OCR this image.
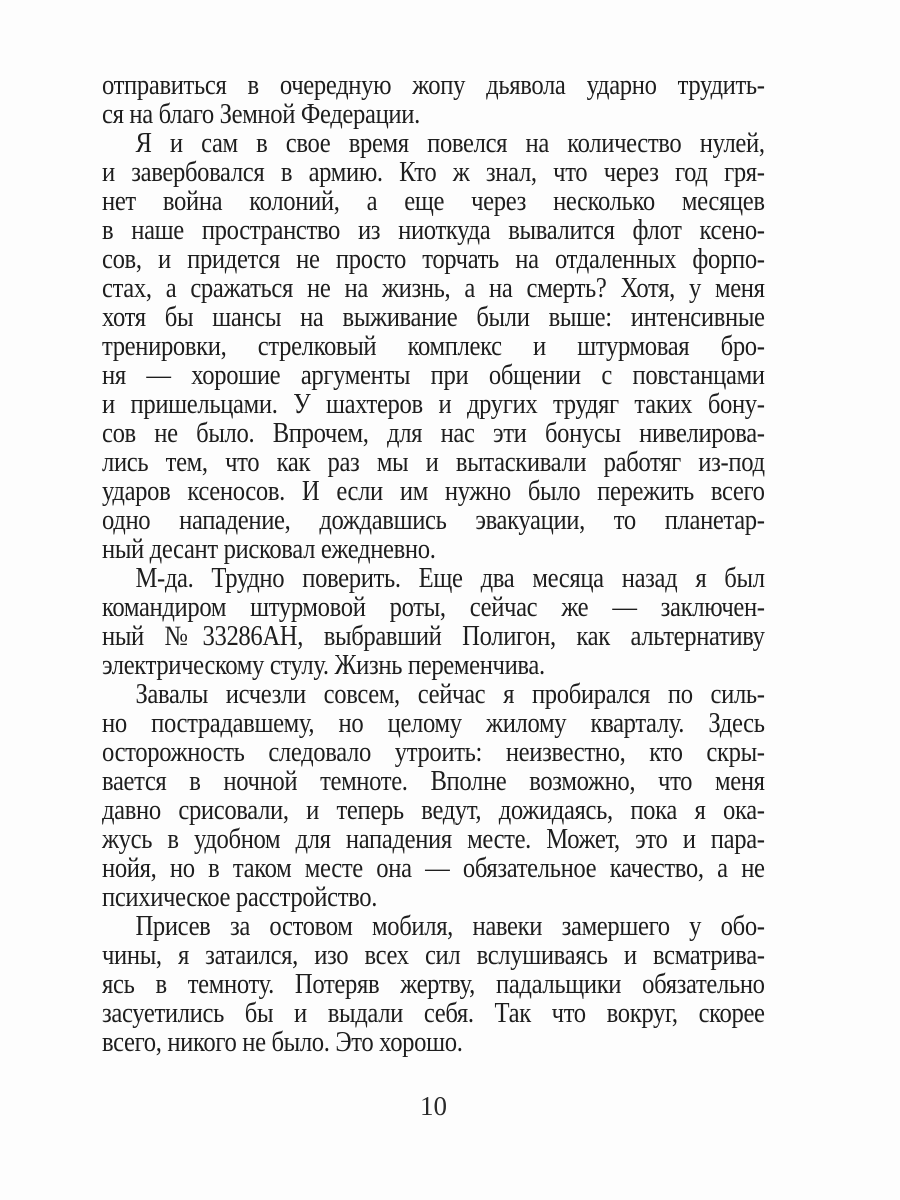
отправиться в очередную жопу дьявола ударно трудить-
ся на благо Земной Федерации.
Я и сам в свое время повелся на количество нулей,
и завербовался в армию. Кто ж знал, что через год гря-
нет война колоний, а еще через несколько месяцев
в наше пространство из ниоткуда вывалится флот ксено-
сов, и придется не просто торчать на отдаленных форпо-
стах, а сражаться не на жизнь, а на смерть? Хотя, у меня
хотя бы шансы на выживание были выше: интенсивные
тренировки, стрелковый комплекс и штурмовая бро-
ня — хорошие аргументы при общении с повстанцами
и пришельцами. У шахтеров и других трудяг таких бону-
сов не было. Впрочем, для нас эти бонусы нивелирова-
лись тем, что как раз мы и вытаскивали работяг из-под
ударов ксеносов. И если им нужно было пережить всего
одно нападение, дождавшись эвакуации, то планетар-
ный десант рисковал ежедневно.
М-да. Трудно поверить. Еще два месяца назад я был
командиром штурмовой роты, сейчас же — заключен-
ный №33286АН, выбравший Полигон, как альтернативу
электрическому стулу. Жизнь переменчива.
Завалы исчезли совсем, сейчас я пробирался по силь-
но пострадавшему, но целому жилому кварталу. Здесь
осторожность следовало утроить: неизвестно, кто скры-
вается в ночной темноте. Вполне возможно, что меня
давно срисовали, и теперь ведут, дожидаясь, пока я ока-
жусь в удобном для нападения месте. Может, это и пара-
нойя, но в таком месте она — обязательное качество, а не
психическое расстройство.
Присев за остовом мобиля, навеки замершего у обо-
чины, я затаился, изо всех сил вслушиваясь и всматрива-
ясь в темноту. Потеряв жертву, падальщики обязательно
засуетились бы и выдали себя. Так что вокруг, скорее
всего, никого не было. Это хорошо.
10
